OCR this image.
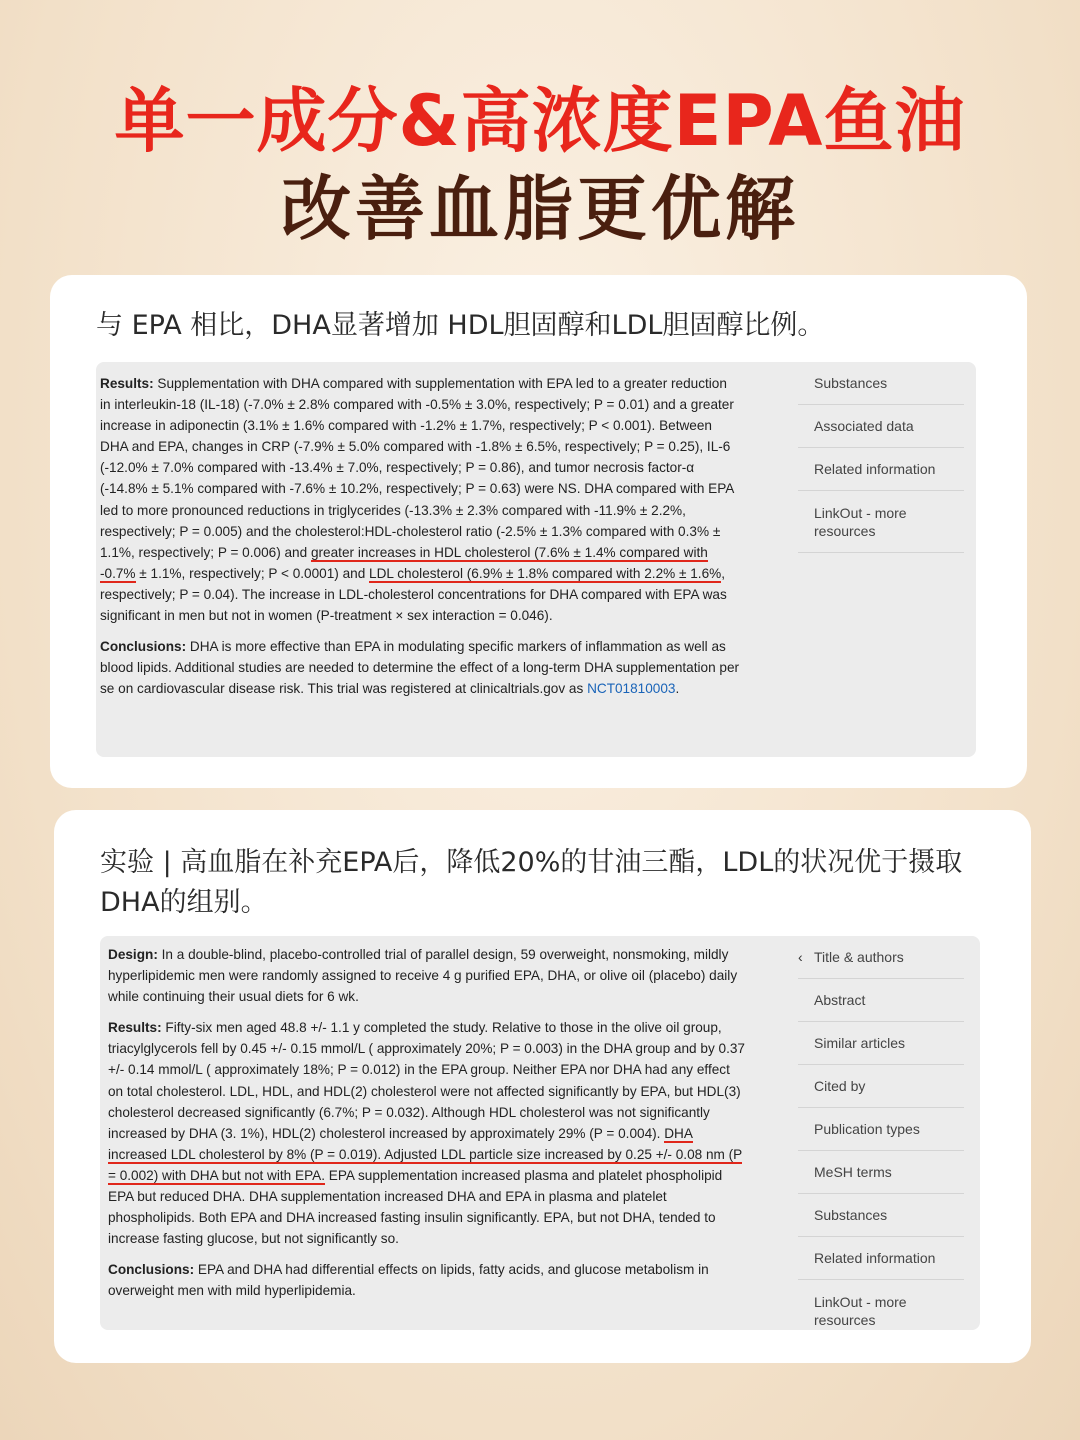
单一成分&高浓度EPA鱼油
改善血脂更优解
与 EPA 相比，DHA显著增加 HDL胆固醇和LDL胆固醇比例。
Results: Supplementation with DHA compared with supplementation with EPA led to a greater reduction in interleukin-18 (IL-18) (-7.0% ± 2.8% compared with -0.5% ± 3.0%, respectively; P = 0.01) and a greater increase in adiponectin (3.1% ± 1.6% compared with -1.2% ± 1.7%, respectively; P < 0.001). Between DHA and EPA, changes in CRP (-7.9% ± 5.0% compared with -1.8% ± 6.5%, respectively; P = 0.25), IL-6 (-12.0% ± 7.0% compared with -13.4% ± 7.0%, respectively; P = 0.86), and tumor necrosis factor-α (-14.8% ± 5.1% compared with -7.6% ± 10.2%, respectively; P = 0.63) were NS. DHA compared with EPA led to more pronounced reductions in triglycerides (-13.3% ± 2.3% compared with -11.9% ± 2.2%, respectively; P = 0.005) and the cholesterol:HDL-cholesterol ratio (-2.5% ± 1.3% compared with 0.3% ± 1.1%, respectively; P = 0.006) and greater increases in HDL cholesterol (7.6% ± 1.4% compared with -0.7% ± 1.1%, respectively; P < 0.0001) and LDL cholesterol (6.9% ± 1.8% compared with 2.2% ± 1.6%, respectively; P = 0.04). The increase in LDL-cholesterol concentrations for DHA compared with EPA was significant in men but not in women (P-treatment × sex interaction = 0.046).
Conclusions: DHA is more effective than EPA in modulating specific markers of inflammation as well as blood lipids. Additional studies are needed to determine the effect of a long-term DHA supplementation per se on cardiovascular disease risk. This trial was registered at clinicaltrials.gov as NCT01810003.
Substances
Associated data
Related information
LinkOut - more resources
实验 | 高血脂在补充EPA后，降低20%的甘油三酯，LDL的状况优于摄取DHA的组别。
Design: In a double-blind, placebo-controlled trial of parallel design, 59 overweight, nonsmoking, mildly hyperlipidemic men were randomly assigned to receive 4 g purified EPA, DHA, or olive oil (placebo) daily while continuing their usual diets for 6 wk.
Results: Fifty-six men aged 48.8 +/- 1.1 y completed the study. Relative to those in the olive oil group, triacylglycerols fell by 0.45 +/- 0.15 mmol/L ( approximately 20%; P = 0.003) in the DHA group and by 0.37 +/- 0.14 mmol/L ( approximately 18%; P = 0.012) in the EPA group. Neither EPA nor DHA had any effect on total cholesterol. LDL, HDL, and HDL(2) cholesterol were not affected significantly by EPA, but HDL(3) cholesterol decreased significantly (6.7%; P = 0.032). Although HDL cholesterol was not significantly increased by DHA (3. 1%), HDL(2) cholesterol increased by approximately 29% (P = 0.004). DHA increased LDL cholesterol by 8% (P = 0.019). Adjusted LDL particle size increased by 0.25 +/- 0.08 nm (P = 0.002) with DHA but not with EPA. EPA supplementation increased plasma and platelet phospholipid EPA but reduced DHA. DHA supplementation increased DHA and EPA in plasma and platelet phospholipids. Both EPA and DHA increased fasting insulin significantly. EPA, but not DHA, tended to increase fasting glucose, but not significantly so.
Conclusions: EPA and DHA had differential effects on lipids, fatty acids, and glucose metabolism in overweight men with mild hyperlipidemia.
‹ Title & authors
Abstract
Similar articles
Cited by
Publication types
MeSH terms
Substances
Related information
LinkOut - more resources
